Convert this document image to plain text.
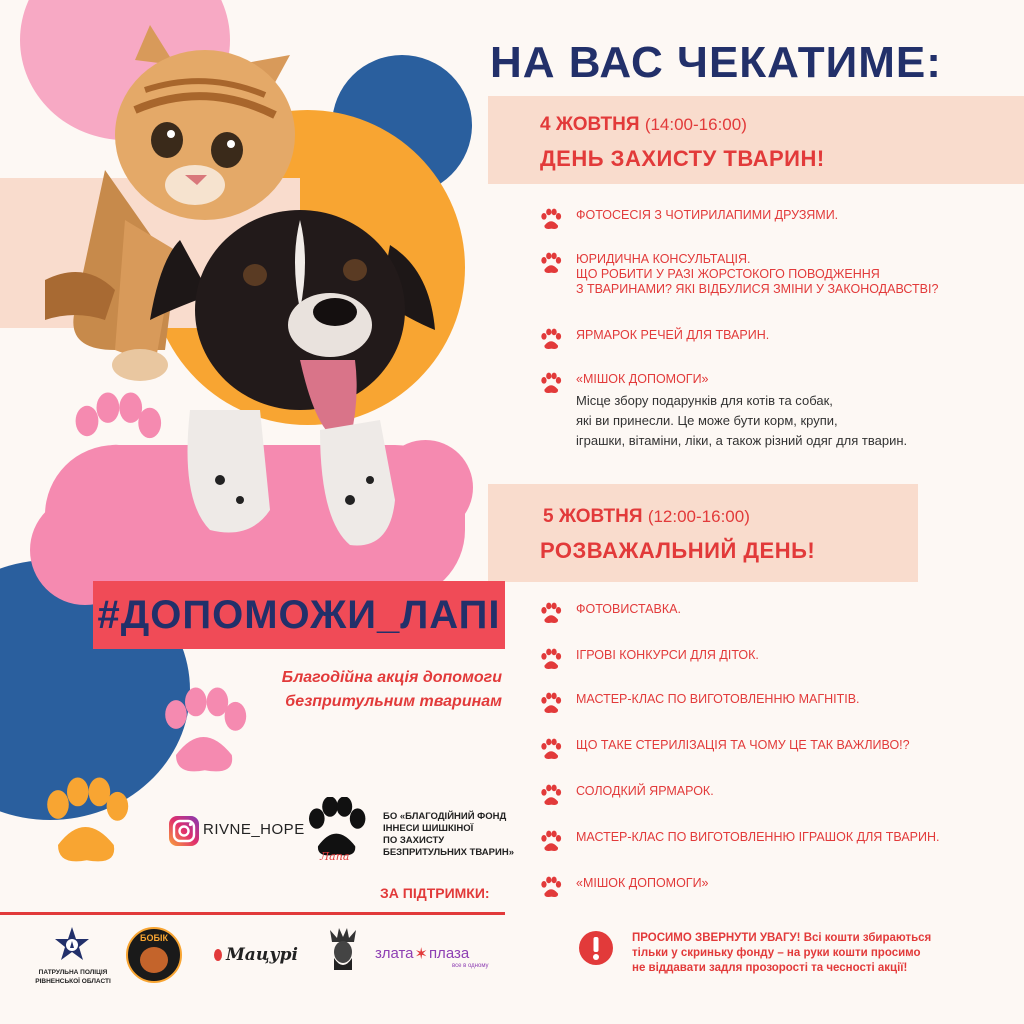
НА ВАС ЧЕКАТИМЕ:
4 ЖОВТНЯ (14:00-16:00)
ДЕНЬ ЗАХИСТУ ТВАРИН!
ФОТОСЕСІЯ З ЧОТИРИЛАПИМИ ДРУЗЯМИ.
ЮРИДИЧНА КОНСУЛЬТАЦІЯ.
ЩО РОБИТИ У РАЗІ ЖОРСТОКОГО ПОВОДЖЕННЯ
З ТВАРИНАМИ? ЯКІ ВІДБУЛИСЯ ЗМІНИ У ЗАКОНОДАВСТВІ?
ЯРМАРОК РЕЧЕЙ ДЛЯ ТВАРИН.
«МІШОК ДОПОМОГИ»
Місце збору подарунків для котів та собак,
які ви принесли. Це може бути корм, крупи,
іграшки, вітаміни, ліки, а також різний одяг для тварин.
5 ЖОВТНЯ (12:00-16:00)
РОЗВАЖАЛЬНИЙ ДЕНЬ!
ФОТОВИСТАВКА.
ІГРОВІ КОНКУРСИ ДЛЯ ДІТОК.
МАСТЕР-КЛАС ПО ВИГОТОВЛЕННЮ МАГНІТІВ.
ЩО ТАКЕ СТЕРИЛІЗАЦІЯ ТА ЧОМУ ЦЕ ТАК ВАЖЛИВО!?
СОЛОДКИЙ ЯРМАРОК.
МАСТЕР-КЛАС ПО ВИГОТОВЛЕННЮ ІГРАШОК ДЛЯ ТВАРИН.
«МІШОК ДОПОМОГИ»
ПРОСИМО ЗВЕРНУТИ УВАГУ! Всі кошти збираються
тільки у скриньку фонду – на руки кошти просимо
не віддавати задля прозорості та чесності акції!
#ДОПОМОЖИ_ЛАПІ
Благодійна акція допомоги
безпритульним тваринам
RIVNE_HOPE
Лапа
БО «БЛАГОДІЙНИЙ ФОНД
ІННЕСИ ШИШКІНОЇ
ПО ЗАХИСТУ
БЕЗПРИТУЛЬНИХ ТВАРИН»
ЗА ПІДТРИМКИ:
ПАТРУЛЬНА ПОЛІЦІЯ
РІВНЕНСЬКОЇ ОБЛАСТІ
БОБІК
Мацурі	злата ✶ плаза
все в одному
